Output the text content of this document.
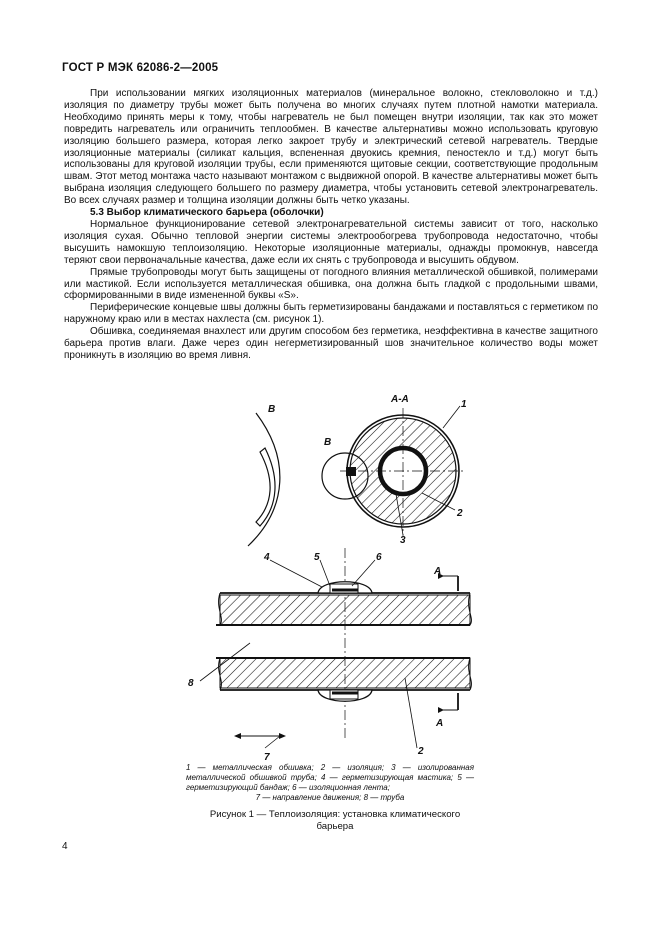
ГОСТ Р МЭК 62086-2—2005

При использовании мягких изоляционных материалов (минеральное волокно, стекловолокно и т.д.) изоляция по диаметру трубы может быть получена во многих случаях путем плотной намотки материала. Необходимо принять меры к тому, чтобы нагреватель не был помещен внутри изоляции, так как это может повредить нагреватель или ограничить теплообмен. В качестве альтернативы можно использовать круговую изоляцию большего размера, которая легко закроет трубу и электрический сетевой нагреватель. Твердые изоляционные материалы (силикат кальция, вспененная двуокись кремния, пеностекло и т.д.) могут быть использованы для круговой изоляции трубы, если применяются щитовые секции, соответствующие продольным швам. Этот метод монтажа часто называют монтажом с выдвижной опорой. В качестве альтернативы может быть выбрана изоляция следующего большего по размеру диаметра, чтобы установить сетевой электронагреватель. Во всех случаях размер и толщина изоляции должны быть четко указаны.

5.3 Выбор климатического барьера (оболочки)

Нормальное функционирование сетевой электронагревательной системы зависит от того, насколько изоляция сухая. Обычно тепловой энергии системы электрообогрева трубопровода недостаточно, чтобы высушить намокшую теплоизоляцию. Некоторые изоляционные материалы, однажды промокнув, навсегда теряют свои первоначальные качества, даже если их снять с трубопровода и высушить обдувом.

Прямые трубопроводы могут быть защищены от погодного влияния металлической обшивкой, полимерами или мастикой. Если используется металлическая обшивка, она должна быть гладкой с продольными швами, сформированными в виде измененной буквы «S».

Периферические концевые швы должны быть герметизированы бандажами и поставляться с герметиком по наружному краю или в местах нахлеста (см. рисунок 1).

Обшивка, соединяемая внахлест или другим способом без герметика, неэффективна в качестве защитного барьера против влаги. Даже через один негерметизированный шов значительное количество воды может проникнуть в изоляцию во время ливня.

В
В
А-А	1
2
3
А
А
4	5	6
8
2
7
1 — металлическая обшивка; 2 — изоляция; 3 — изолированная металлической обшивкой труба; 4 — герметизирующая мастика; 5 — герметизирующий бандаж; 6 — изоляционная лента;
7 — направление движения; 8 — труба
Рисунок 1 — Теплоизоляция: установка климатического барьера
4
